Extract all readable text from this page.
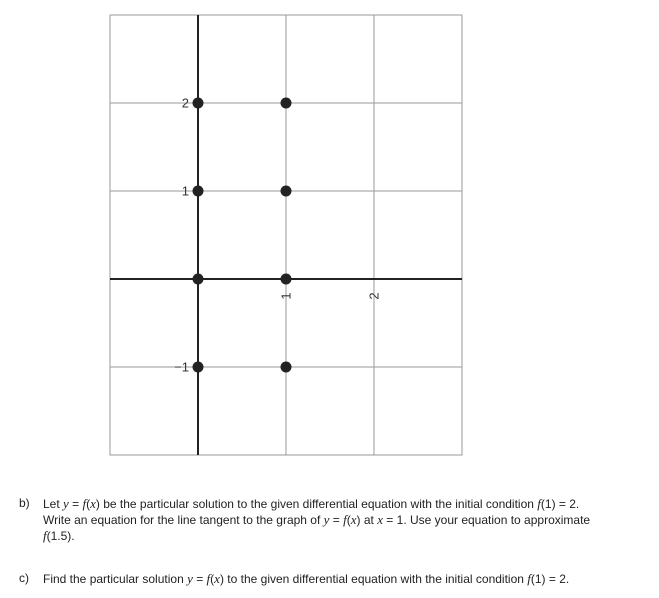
1	2
2
1
−1
b) Let y = f(x) be the particular solution to the given differential equation with the initial condition f(1) = 2.
Write an equation for the line tangent to the graph of y = f(x) at x = 1. Use your equation to approximate
f(1.5).
c) Find the particular solution y = f(x) to the given differential equation with the initial condition f(1) = 2.
